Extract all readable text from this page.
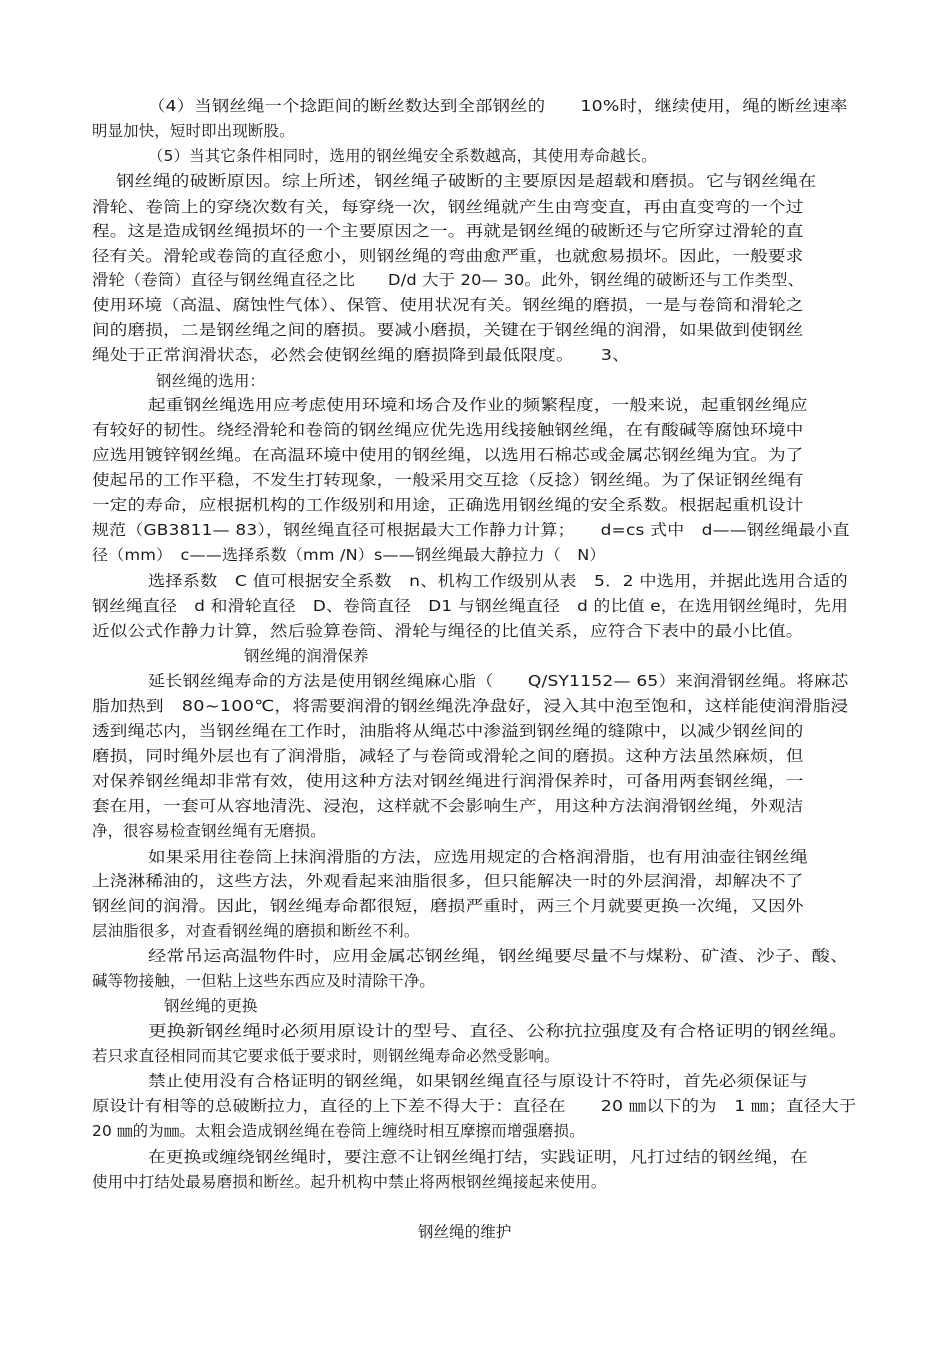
（4）当钢丝绳一个捻距间的断丝数达到全部钢丝的　　10%时，继续使用，绳的断丝速率
明显加快，短时即出现断股。
（5）当其它条件相同时，选用的钢丝绳安全系数越高，其使用寿命越长。
钢丝绳的破断原因。综上所述，钢丝绳子破断的主要原因是超载和磨损。它与钢丝绳在
滑轮、卷筒上的穿绕次数有关，每穿绕一次，钢丝绳就产生由弯变直，再由直变弯的一个过
程。这是造成钢丝绳损坏的一个主要原因之一。再就是钢丝绳的破断还与它所穿过滑轮的直
径有关。滑轮或卷筒的直径愈小，则钢丝绳的弯曲愈严重，也就愈易损坏。因此，一般要求
滑轮（卷筒）直径与钢丝绳直径之比　　D/d 大于 20— 30。此外，钢丝绳的破断还与工作类型、
使用环境（高温、腐蚀性气体）、保管、使用状况有关。钢丝绳的磨损，一是与卷筒和滑轮之
间的磨损，二是钢丝绳之间的磨损。要减小磨损，关键在于钢丝绳的润滑，如果做到使钢丝
绳处于正常润滑状态，必然会使钢丝绳的磨损降到最低限度。　　3、
钢丝绳的选用：
起重钢丝绳选用应考虑使用环境和场合及作业的频繁程度，一般来说，起重钢丝绳应
有较好的韧性。绕经滑轮和卷筒的钢丝绳应优先选用线接触钢丝绳，在有酸碱等腐蚀环境中
应选用镀锌钢丝绳。在高温环境中使用的钢丝绳，以选用石棉芯或金属芯钢丝绳为宜。为了
使起吊的工作平稳，不发生打转现象，一般采用交互捻（反捻）钢丝绳。为了保证钢丝绳有
一定的寿命，应根据机构的工作级别和用途，正确选用钢丝绳的安全系数。根据起重机设计
规范（GB3811— 83），钢丝绳直径可根据最大工作静力计算；　　d=cs 式中　d——钢丝绳最小直
径（mm）　c——选择系数（mm /N）s——钢丝绳最大静拉力（　N）
选择系数　C 值可根据安全系数　n、机构工作级别从表　5．2 中选用，并据此选用合适的
钢丝绳直径　d 和滑轮直径　D、卷筒直径　D1 与钢丝绳直径　d 的比值 e，在选用钢丝绳时，先用
近似公式作静力计算，然后验算卷筒、滑轮与绳径的比值关系，应符合下表中的最小比值。
钢丝绳的润滑保养
延长钢丝绳寿命的方法是使用钢丝绳麻心脂（　　Q/SY1152— 65）来润滑钢丝绳。将麻芯
脂加热到　80~100℃，将需要润滑的钢丝绳洗净盘好，浸入其中泡至饱和，这样能使润滑脂浸
透到绳芯内，当钢丝绳在工作时，油脂将从绳芯中渗溢到钢丝绳的缝隙中，以减少钢丝间的
磨损，同时绳外层也有了润滑脂，减轻了与卷筒或滑轮之间的磨损。这种方法虽然麻烦，但
对保养钢丝绳却非常有效，使用这种方法对钢丝绳进行润滑保养时，可备用两套钢丝绳，一
套在用，一套可从容地清洗、浸泡，这样就不会影响生产，用这种方法润滑钢丝绳，外观洁
净，很容易检查钢丝绳有无磨损。
如果采用往卷筒上抹润滑脂的方法，应选用规定的合格润滑脂，也有用油壶往钢丝绳
上浇淋稀油的，这些方法，外观看起来油脂很多，但只能解决一时的外层润滑，却解决不了
钢丝间的润滑。因此，钢丝绳寿命都很短，磨损严重时，两三个月就要更换一次绳，又因外
层油脂很多，对查看钢丝绳的磨损和断丝不利。
经常吊运高温物件时，应用金属芯钢丝绳，钢丝绳要尽量不与煤粉、矿渣、沙子、酸、
碱等物接触，一但粘上这些东西应及时清除干净。
钢丝绳的更换
更换新钢丝绳时必须用原设计的型号、直径、公称抗拉强度及有合格证明的钢丝绳。
若只求直径相同而其它要求低于要求时，则钢丝绳寿命必然受影响。
禁止使用没有合格证明的钢丝绳，如果钢丝绳直径与原设计不符时，首先必须保证与
原设计有相等的总破断拉力，直径的上下差不得大于：直径在　　20 ㎜以下的为　1 ㎜；直径大于
20 ㎜的为㎜。太粗会造成钢丝绳在卷筒上缠绕时相互摩擦而增强磨损。
在更换或缠绕钢丝绳时，要注意不让钢丝绳打结，实践证明，凡打过结的钢丝绳，在
使用中打结处最易磨损和断丝。起升机构中禁止将两根钢丝绳接起来使用。
钢丝绳的维护
